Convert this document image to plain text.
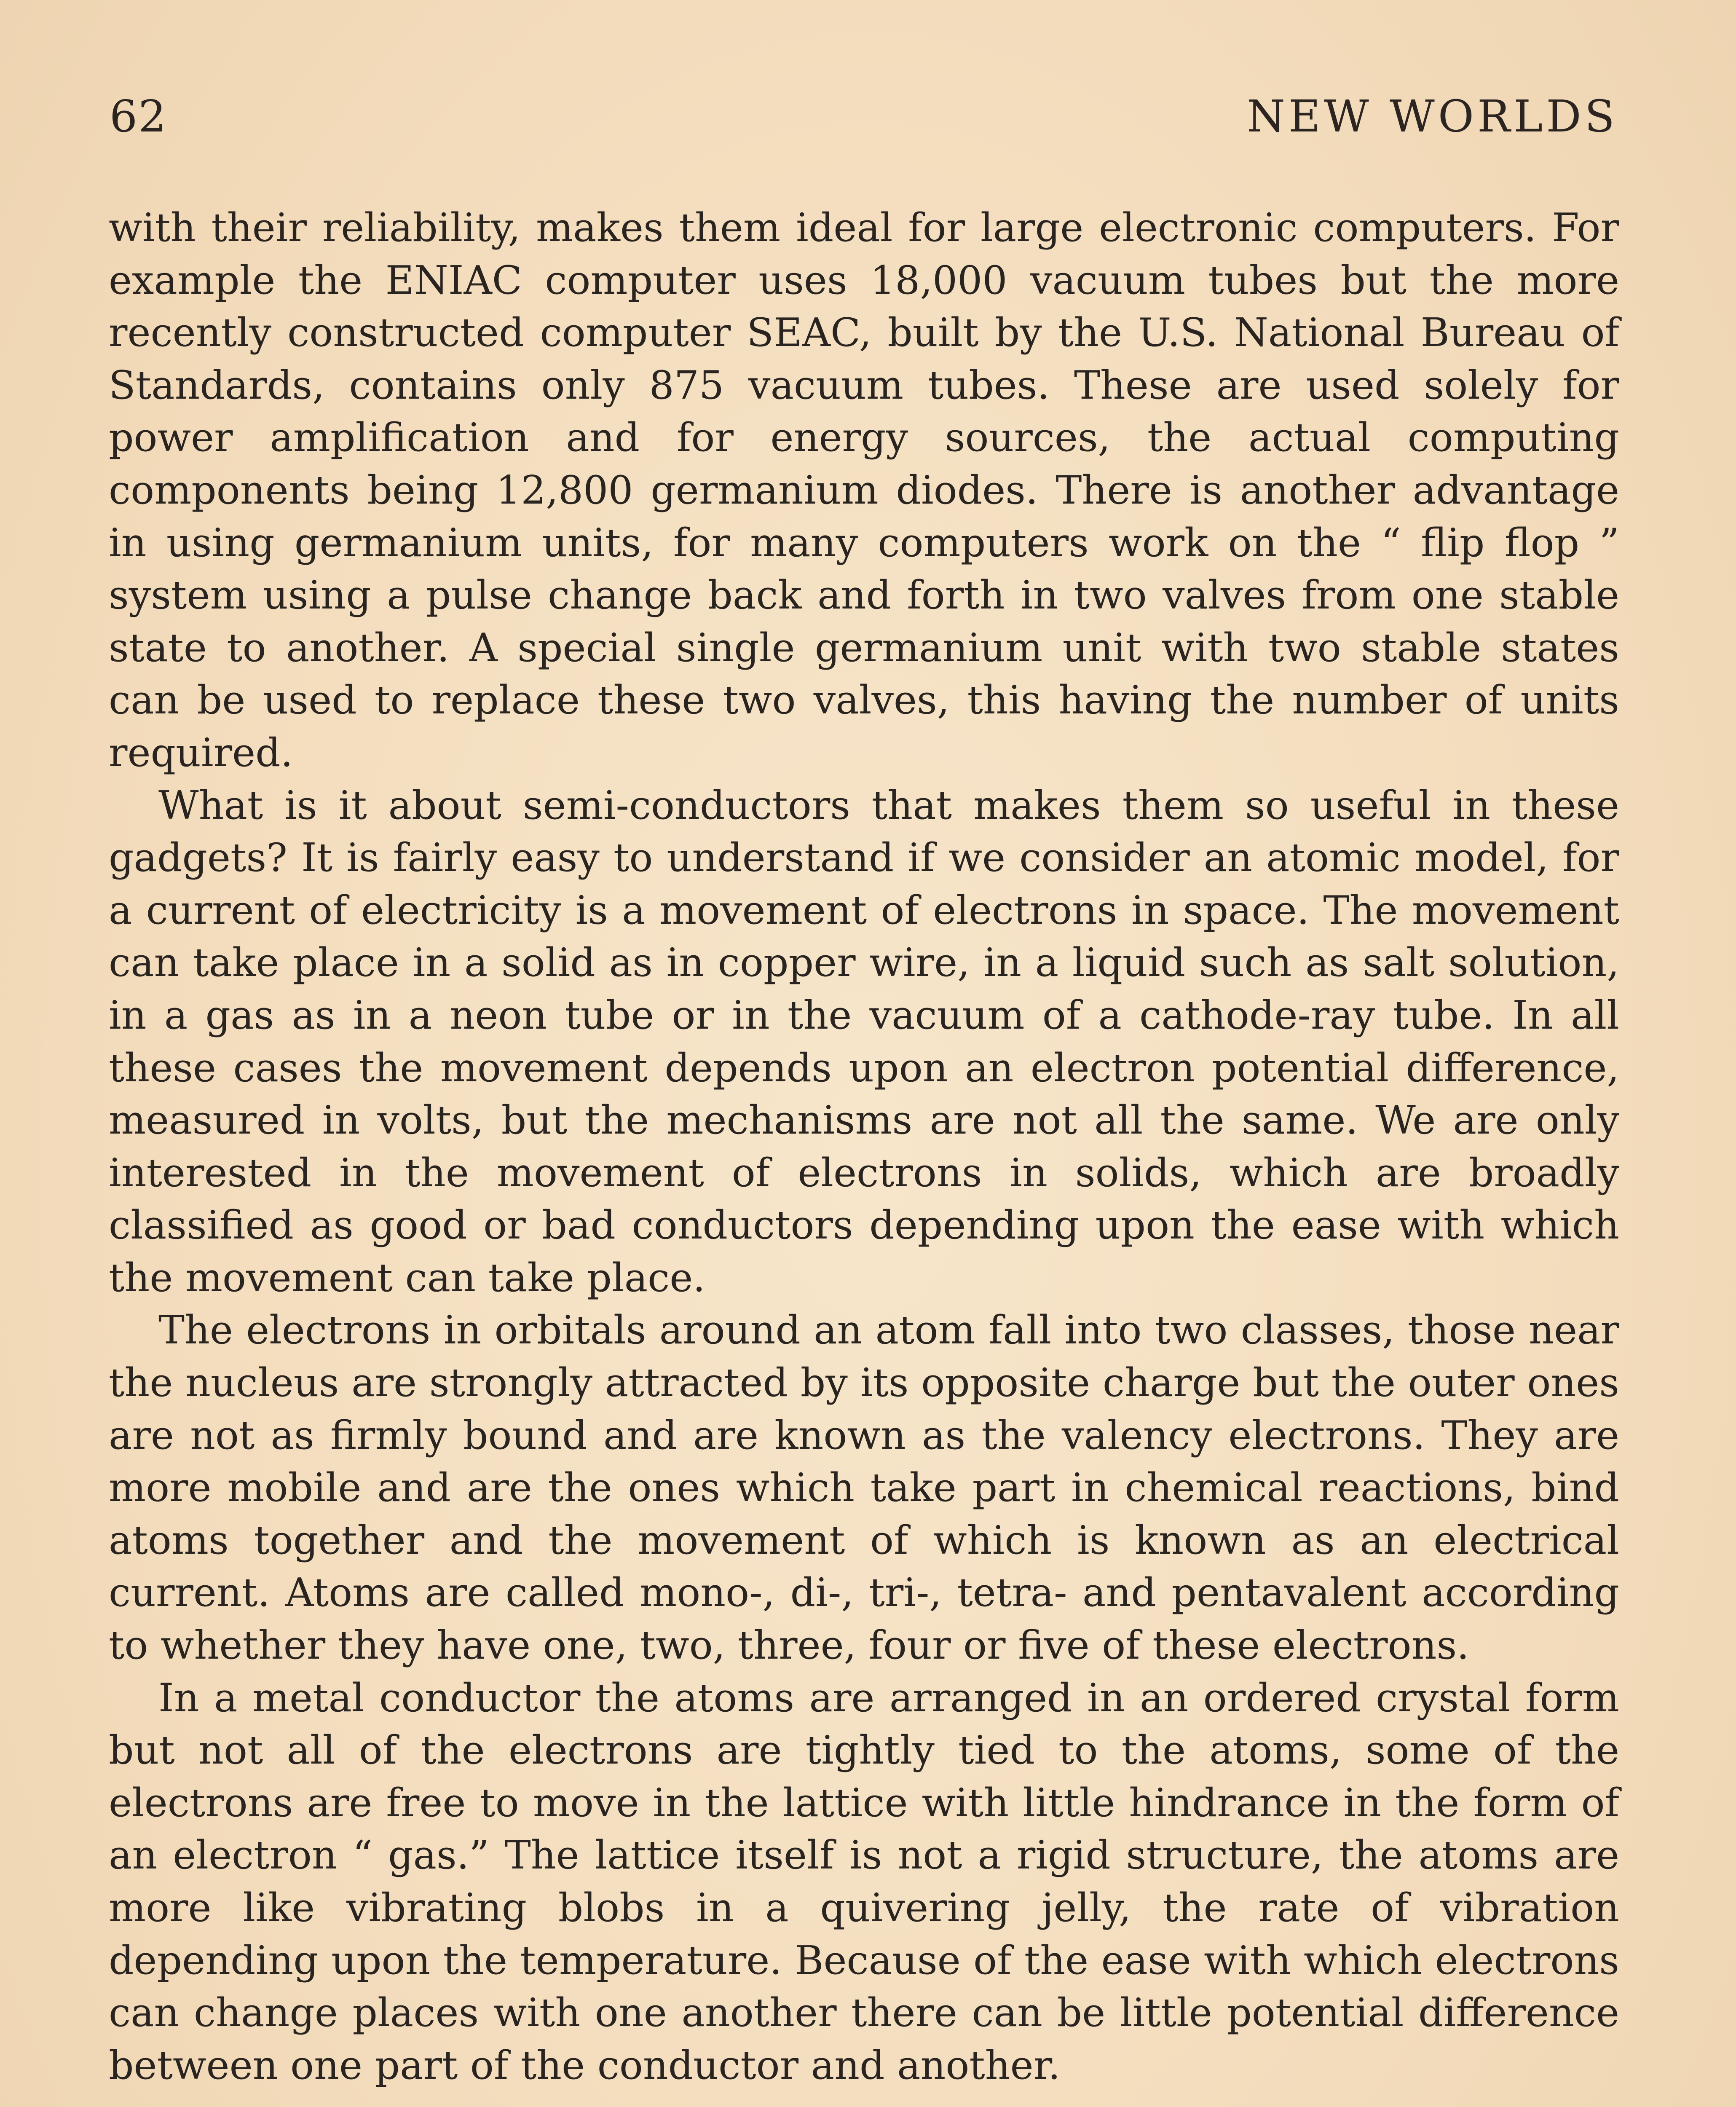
62	NEW WORLDS

with their reliability, makes them ideal for large electronic computers. For example the ENIAC computer uses 18,000 vacuum tubes but the more recently constructed computer SEAC, built by the U.S. National Bureau of Standards, contains only 875 vacuum tubes. These are used solely for power amplification and for energy sources, the actual computing components being 12,800 germanium diodes. There is another advantage in using germanium units, for many computers work on the “ flip flop ” system using a pulse change back and forth in two valves from one stable state to another. A special single germanium unit with two stable states can be used to replace these two valves, this having the number of units required.

What is it about semi-conductors that makes them so useful in these gadgets? It is fairly easy to understand if we consider an atomic model, for a current of electricity is a movement of electrons in space. The movement can take place in a solid as in copper wire, in a liquid such as salt solution, in a gas as in a neon tube or in the vacuum of a cathode-ray tube. In all these cases the movement depends upon an electron potential difference, measured in volts, but the mechanisms are not all the same. We are only interested in the movement of electrons in solids, which are broadly classified as good or bad conductors depending upon the ease with which the movement can take place.

The electrons in orbitals around an atom fall into two classes, those near the nucleus are strongly attracted by its opposite charge but the outer ones are not as firmly bound and are known as the valency electrons. They are more mobile and are the ones which take part in chemical reactions, bind atoms together and the movement of which is known as an electrical current. Atoms are called mono-, di-, tri-, tetra- and pentavalent according to whether they have one, two, three, four or five of these electrons.

In a metal conductor the atoms are arranged in an ordered crystal form but not all of the electrons are tightly tied to the atoms, some of the electrons are free to move in the lattice with little hindrance in the form of an electron “ gas.” The lattice itself is not a rigid structure, the atoms are more like vibrating blobs in a quivering jelly, the rate of vibration depending upon the temperature. Because of the ease with which electrons can change places with one another there can be little potential difference between one part of the conductor and another.
